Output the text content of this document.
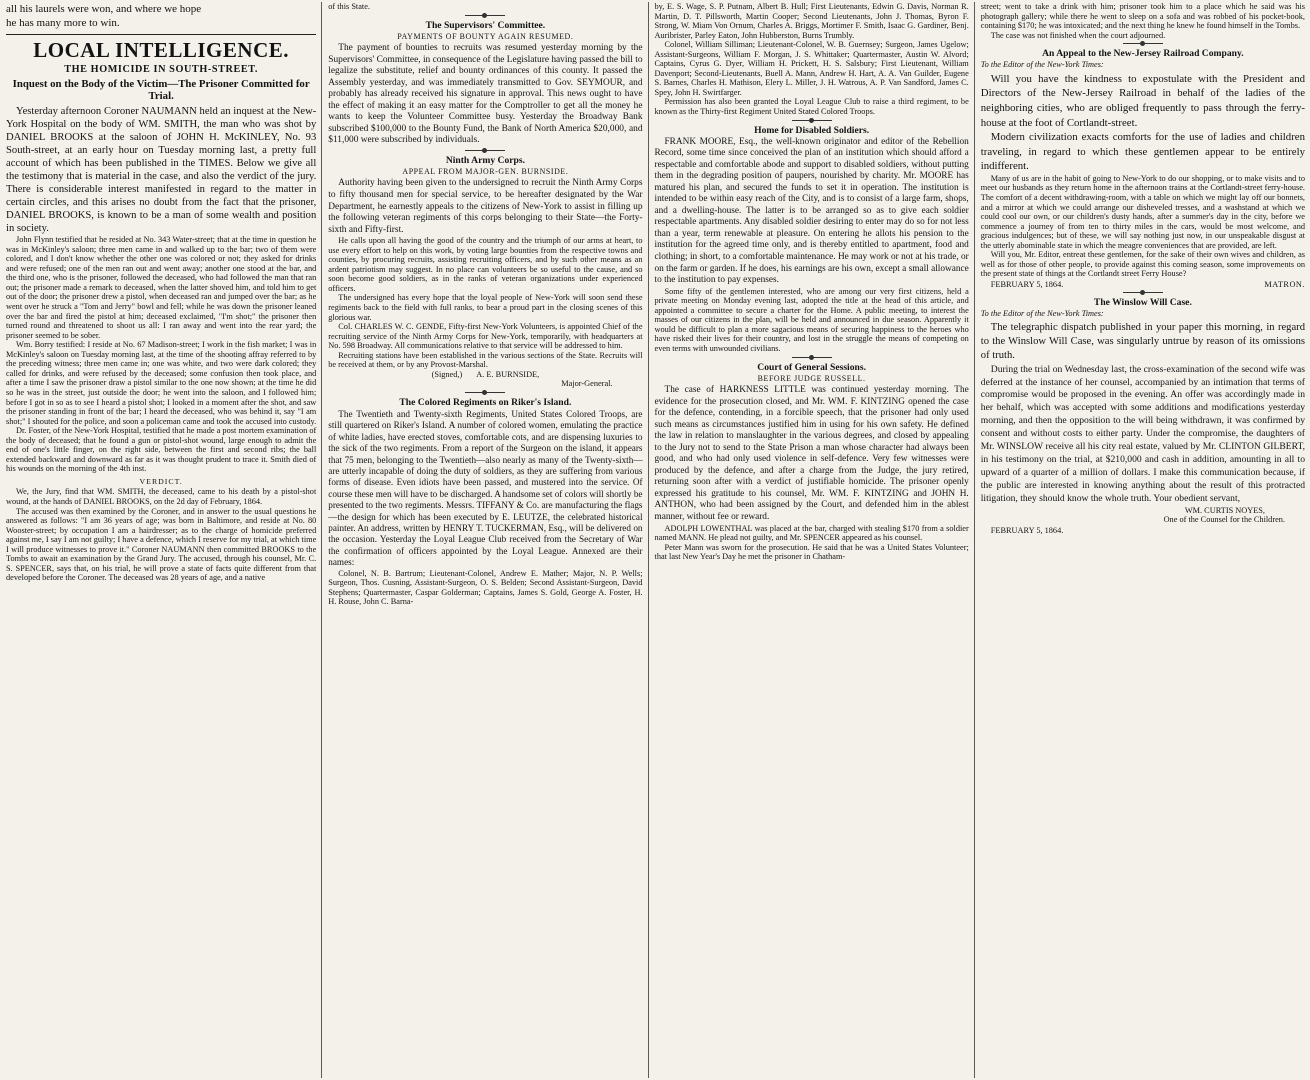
all his laurels were won, and where we hope

he has many more to win.

LOCAL INTELLIGENCE.
THE HOMICIDE IN SOUTH-STREET.
Inquest on the Body of the Victim—The Prisoner Committed for Trial.

Yesterday afternoon Coroner NAUMANN held an inquest at the New-York Hospital on the body of WM. SMITH, the man who was shot by DANIEL BROOKS at the saloon of JOHN H. McKINLEY, No. 93 South-street, at an early hour on Tuesday morning last, a pretty full account of which has been published in the TIMES. Below we give all the testimony that is material in the case, and also the verdict of the jury. There is considerable interest manifested in regard to the matter in certain circles, and this arises no doubt from the fact that the prisoner, DANIEL BROOKS, is known to be a man of some wealth and position in society.

John Flynn testified that he resided at No. 343 Water-street; that at the time in question he was in McKinley's saloon; three men came in and walked up to the bar; two of them were colored, and I don't know whether the other one was colored or not; they asked for drinks and were refused; one of the men ran out and went away; another one stood at the bar, and the third one, who is the prisoner, followed the deceased, who had followed the man that ran out; the prisoner made a remark to deceased, when the latter shoved him, and told him to get out of the door; the prisoner drew a pistol, when deceased ran and jumped over the bar; as he went over he struck a "Tom and Jerry" bowl and fell; while he was down the prisoner leaned over the bar and fired the pistol at him; deceased exclaimed, "I'm shot;" the prisoner then turned round and threatened to shoot us all: I ran away and went into the rear yard; the prisoner seemed to be sober.

Wm. Borry testified: I reside at No. 67 Madison-street; I work in the fish market; I was in McKinley's saloon on Tuesday morning last, at the time of the shooting affray referred to by the preceding witness; three men came in; one was white, and two were dark colored; they called for drinks, and were refused by the deceased; some confusion then took place, and after a time I saw the prisoner draw a pistol similar to the one now shown; at the time he did so he was in the street, just outside the door; he went into the saloon, and I followed him; before I got in so as to see I heard a pistol shot; I looked in a moment after the shot, and saw the prisoner standing in front of the bar; I heard the deceased, who was behind it, say "I am shot;" I shouted for the police, and soon a policeman came and took the accused into custody.

Dr. Foster, of the New-York Hospital, testified that he made a post mortem examination of the body of deceased; that he found a gun or pistol-shot wound, large enough to admit the end of one's little finger, on the right side, between the first and second ribs; the ball extended backward and downward as far as it was thought prudent to trace it. Smith died of his wounds on the morning of the 4th inst.

VERDICT.

We, the Jury, find that WM. SMITH, the deceased, came to his death by a pistol-shot wound, at the hands of DANIEL BROOKS, on the 2d day of February, 1864.

The accused was then examined by the Coroner, and in answer to the usual questions he answered as follows: "I am 36 years of age; was born in Baltimore, and reside at No. 80 Wooster-street; by occupation I am a hairdresser; as to the charge of homicide preferred against me, I say I am not guilty; I have a defence, which I reserve for my trial, at which time I will produce witnesses to prove it." Coroner NAUMANN then committed BROOKS to the Tombs to await an examination by the Grand Jury. The accused, through his counsel, Mr. C. S. SPENCER, says that, on his trial, he will prove a state of facts quite different from that developed before the Coroner. The deceased was 28 years of age, and a native

of this State.

The Supervisors' Committee.
PAYMENTS OF BOUNTY AGAIN RESUMED.

The payment of bounties to recruits was resumed yesterday morning by the Supervisors' Committee, in consequence of the Legislature having passed the bill to legalize the substitute, relief and bounty ordinances of this county. It passed the Assembly yesterday, and was immediately transmitted to Gov. SEYMOUR, and probably has already received his signature in approval. This news ought to have the effect of making it an easy matter for the Comptroller to get all the money he wants to keep the Volunteer Committee busy. Yesterday the Broadway Bank subscribed $100,000 to the Bounty Fund, the Bank of North America $20,000, and $11,000 were subscribed by individuals.

Ninth Army Corps.
APPEAL FROM MAJOR-GEN. BURNSIDE.

Authority having been given to the undersigned to recruit the Ninth Army Corps to fifty thousand men for special service, to be hereafter designated by the War Department, he earnestly appeals to the citizens of New-York to assist in filling up the following veteran regiments of this corps belonging to their State—the Forty-sixth and Fifty-first.

He calls upon all having the good of the country and the triumph of our arms at heart, to use every effort to help on this work, by voting large bounties from the respective towns and counties, by procuring recruits, assisting recruiting officers, and by such other means as an ardent patriotism may suggest. In no place can volunteers be so useful to the cause, and so soon become good soldiers, as in the ranks of veteran organizations under experienced officers.

The undersigned has every hope that the loyal people of New-York will soon send these regiments back to the field with full ranks, to bear a proud part in the closing scenes of this glorious war.

Col. CHARLES W. C. GENDE, Fifty-first New-York Volunteers, is appointed Chief of the recruiting service of the Ninth Army Corps for New-York, temporarily, with headquarters at No. 598 Broadway. All communications relative to that service will be addressed to him.

Recruiting stations have been established in the various sections of the State. Recruits will be received at them, or by any Provost-Marshal.

(Signed,) A. E. BURNSIDE,

Major-General.

The Colored Regiments on Riker's Island.

The Twentieth and Twenty-sixth Regiments, United States Colored Troops, are still quartered on Riker's Island. A number of colored women, emulating the practice of white ladies, have erected stoves, comfortable cots, and are dispensing luxuries to the sick of the two regiments. From a report of the Surgeon on the island, it appears that 75 men, belonging to the Twentieth—also nearly as many of the Twenty-sixth—are utterly incapable of doing the duty of soldiers, as they are suffering from various forms of disease. Even idiots have been passed, and mustered into the service. Of course these men will have to be discharged. A handsome set of colors will shortly be presented to the two regiments. Messrs. TIFFANY & Co. are manufacturing the flags—the design for which has been executed by E. LEUTZE, the celebrated historical painter. An address, written by HENRY T. TUCKERMAN, Esq., will be delivered on the occasion. Yesterday the Loyal League Club received from the Secretary of War the confirmation of officers appointed by the Loyal League. Annexed are their names:

Colonel, N. B. Bartrum; Lieutenant-Colonel, Andrew E. Mather; Major, N. P. Wells; Surgeon, Thos. Cusning, Assistant-Surgeon, O. S. Belden; Second Assistant-Surgeon, David Stephens; Quartermaster, Caspar Golderman; Captains, James S. Gold, George A. Foster, H. H. Rouse, John C. Barna-

by, E. S. Wage, S. P. Putnam, Albert B. Hull; First Lieutenants, Edwin G. Davis, Norman R. Martin, D. T. Pillsworth, Martin Cooper; Second Lieutenants, John J. Thomas, Byron F. Strong, W. Miam Von Ornum, Charles A. Briggs, Mortimer F. Smith, Isaac G. Gardiner, Benj. Auribrister, Parley Eaton, John Hubberston, Burns Trumbly.

Colonel, William Silliman; Lieutenant-Colonel, W. B. Guernsey; Surgeon, James Ugelow; Assistant-Surgeons, William F. Morgan, J. S. Whittaker; Quartermaster, Austin W. Alvord; Captains, Cyrus G. Dyer, William H. Prickett, H. S. Salsbury; First Lieutenant, William Davenport; Second-Lieutenants, Buell A. Mann, Andrew H. Hart, A. A. Van Guilder, Eugene S. Barnes, Charles H. Mathison, Elery L. Miller, J. H. Watrous, A. P. Van Sandford, James C. Spey, John H. Swirtfarger.

Permission has also been granted the Loyal League Club to raise a third regiment, to be known as the Thirty-first Regiment United Stated Colored Troops.

Home for Disabled Soldiers.

FRANK MOORE, Esq., the well-known originator and editor of the Rebellion Record, some time since conceived the plan of an institution which should afford a respectable and comfortable abode and support to disabled soldiers, without putting them in the degrading position of paupers, nourished by charity. Mr. MOORE has matured his plan, and secured the funds to set it in operation. The institution is intended to be within easy reach of the City, and is to consist of a large farm, shops, and a dwelling-house. The latter is to be arranged so as to give each soldier respectable apartments. Any disabled soldier desiring to enter may do so for not less than a year, term renewable at pleasure. On entering he allots his pension to the institution for the agreed time only, and is thereby entitled to apartment, food and clothing; in short, to a comfortable maintenance. He may work or not at his trade, or on the farm or garden. If he does, his earnings are his own, except a small allowance to the institution to pay expenses.

Some fifty of the gentlemen interested, who are among our very first citizens, held a private meeting on Monday evening last, adopted the title at the head of this article, and appointed a committee to secure a charter for the Home. A public meeting, to interest the masses of our citizens in the plan, will be held and announced in due season. Apparently it would be difficult to plan a more sagacious means of securing happiness to the heroes who have risked their lives for their country, and lost in the struggle the means of competing on even terms with unwounded civilians.

Court of General Sessions.
BEFORE JUDGE RUSSELL.

The case of HARKNESS LITTLE was continued yesterday morning. The evidence for the prosecution closed, and Mr. WM. F. KINTZING opened the case for the defence, contending, in a forcible speech, that the prisoner had only used such means as circumstances justified him in using for his own safety. He defined the law in relation to manslaughter in the various degrees, and closed by appealing to the Jury not to send to the State Prison a man whose character had always been good, and who had only used violence in self-defence. Very few witnesses were produced by the defence, and after a charge from the Judge, the jury retired, returning soon after with a verdict of justifiable homicide. The prisoner openly expressed his gratitude to his counsel, Mr. WM. F. KINTZING and JOHN H. ANTHON, who had been assigned by the Court, and defended him in the ablest manner, without fee or reward.

ADOLPH LOWENTHAL was placed at the bar, charged with stealing $170 from a soldier named MANN. He plead not guilty, and Mr. SPENCER appeared as his counsel.

Peter Mann was sworn for the prosecution. He said that he was a United States Volunteer; that last New Year's Day he met the prisoner in Chatham-

street; went to take a drink with him; prisoner took him to a place which he said was his photograph gallery; while there he went to sleep on a sofa and was robbed of his pocket-book, containing $170; he was intoxicated; and the next thing he knew he found himself in the Tombs.

The case was not finished when the court adjourned.

An Appeal to the New-Jersey Railroad Company.

To the Editor of the New-York Times:

Will you have the kindness to expostulate with the President and Directors of the New-Jersey Railroad in behalf of the ladies of the neighboring cities, who are obliged frequently to pass through the ferry-house at the foot of Cortlandt-street.

Modern civilization exacts comforts for the use of ladies and children traveling, in regard to which these gentlemen appear to be entirely indifferent.

Many of us are in the habit of going to New-York to do our shopping, or to make visits and to meet our husbands as they return home in the afternoon trains at the Cortlandt-street ferry-house. The comfort of a decent withdrawing-room, with a table on which we might lay off our bonnets, and a mirror at which we could arrange our disheveled tresses, and a washstand at which we could cool our own, or our children's dusty hands, after a summer's day in the city, before we commence a journey of from ten to thirty miles in the cars, would be most welcome, and gracious indulgences; but of these, we will say nothing just now, in our unspeakable disgust at the utterly abominable state in which the meagre conveniences that are provided, are left.

Will you, Mr. Editor, entreat these gentlemen, for the sake of their own wives and children, as well as for those of other people, to provide against this coming season, some improvements on the present state of things at the Cortlandt street Ferry House?

FEBRUARY 5, 1864.	MATRON.

The Winslow Will Case.

To the Editor of the New-York Times:

The telegraphic dispatch published in your paper this morning, in regard to the Winslow Will Case, was singularly untrue by reason of its omissions of truth.

During the trial on Wednesday last, the cross-examination of the second wife was deferred at the instance of her counsel, accompanied by an intimation that terms of compromise would be proposed in the evening. An offer was accordingly made in her behalf, which was accepted with some additions and modifications yesterday morning, and then the opposition to the will being withdrawn, it was confirmed by consent and without costs to either party. Under the compromise, the daughters of Mr. WINSLOW receive all his city real estate, valued by Mr. CLINTON GILBERT, in his testimony on the trial, at $210,000 and cash in addition, amounting in all to upward of a quarter of a million of dollars. I make this communication because, if the public are interested in knowing anything about the result of this protracted litigation, they should know the whole truth. Your obedient servant,

WM. CURTIS NOYES,

One of the Counsel for the Children.

FEBRUARY 5, 1864.
